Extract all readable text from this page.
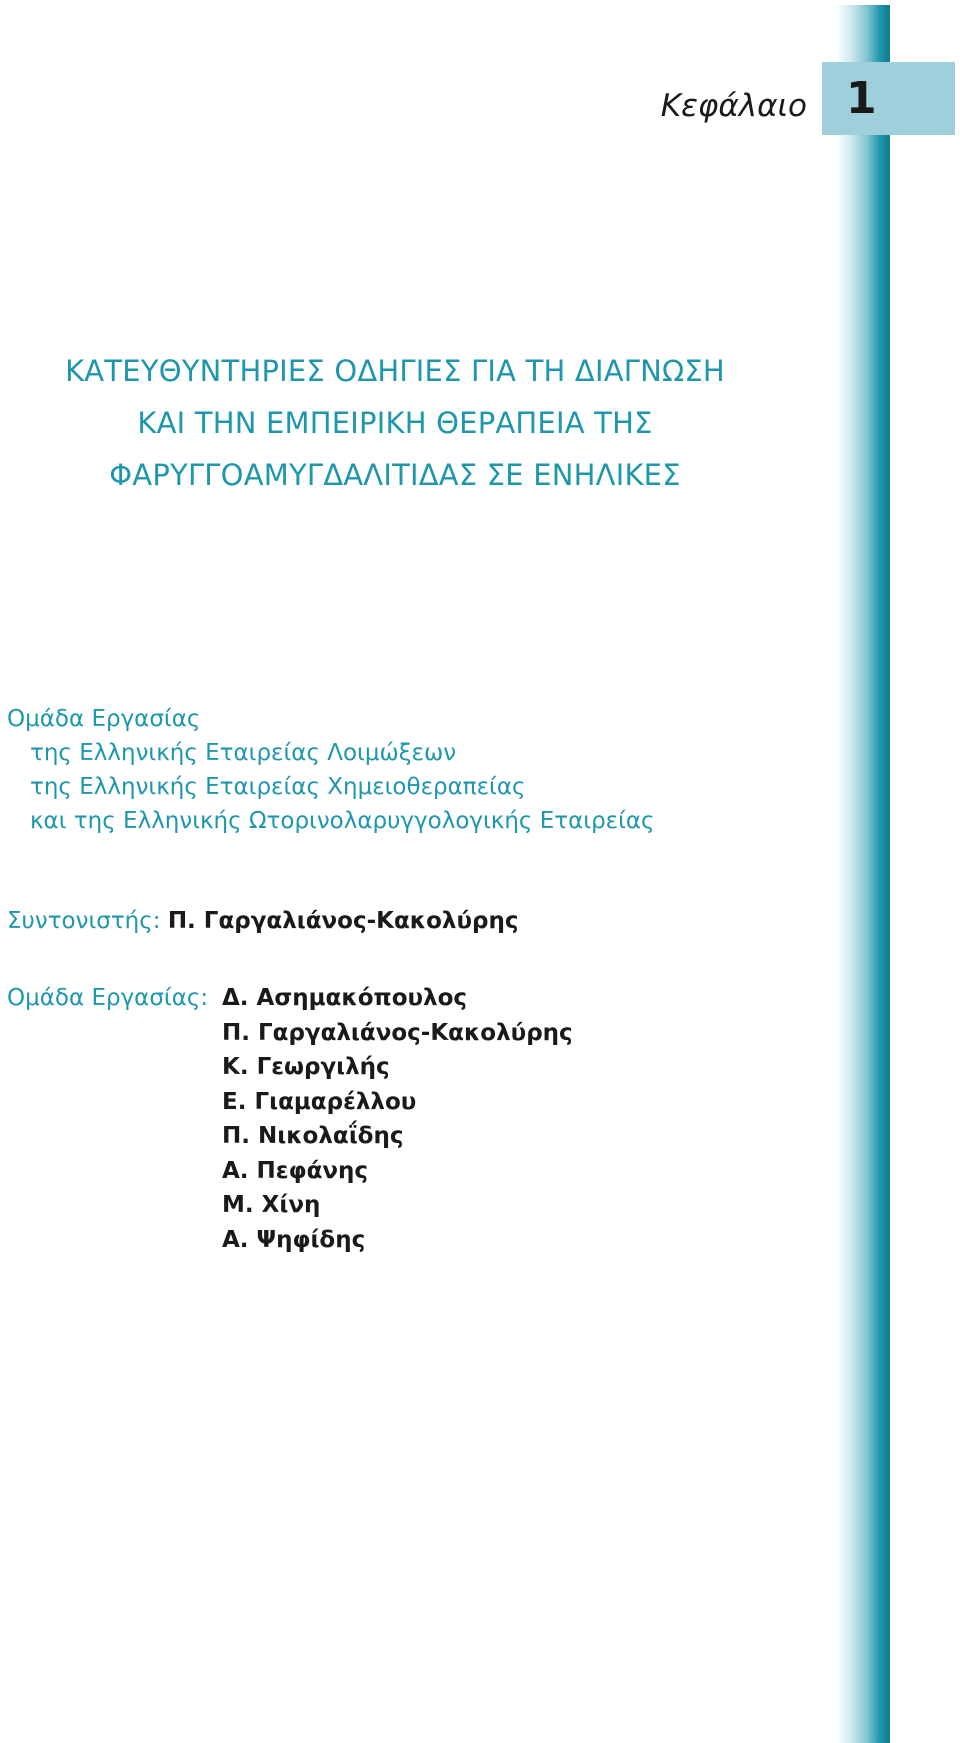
Κεφάλαιο 1
ΚΑΤΕΥΘΥΝΤΗΡΙΕΣ ΟΔΗΓΙΕΣ ΓΙΑ ΤΗ ΔΙΑΓΝΩΣΗ
ΚΑΙ ΤΗΝ ΕΜΠΕΙΡΙΚΗ ΘΕΡΑΠΕΙΑ ΤΗΣ
ΦΑΡΥΓΓΟΑΜΥΓΔΑΛΙΤΙΔΑΣ ΣΕ ΕΝΗΛΙΚΕΣ
Ομάδα Εργασίας
της Ελληνικής Εταιρείας Λοιμώξεων
της Ελληνικής Εταιρείας Χημειοθεραπείας
και της Ελληνικής Ωτορινολαρυγγολογικής Εταιρείας
Συντονιστής: Π. Γαργαλιάνος-Κακολύρης
Ομάδα Εργασίας: Δ. Ασημακόπουλος
Π. Γαργαλιάνος-Κακολύρης
Κ. Γεωργιλής
Ε. Γιαμαρέλλου
Π. Νικολαΐδης
Α. Πεφάνης
Μ. Χίνη
Α. Ψηφίδης
